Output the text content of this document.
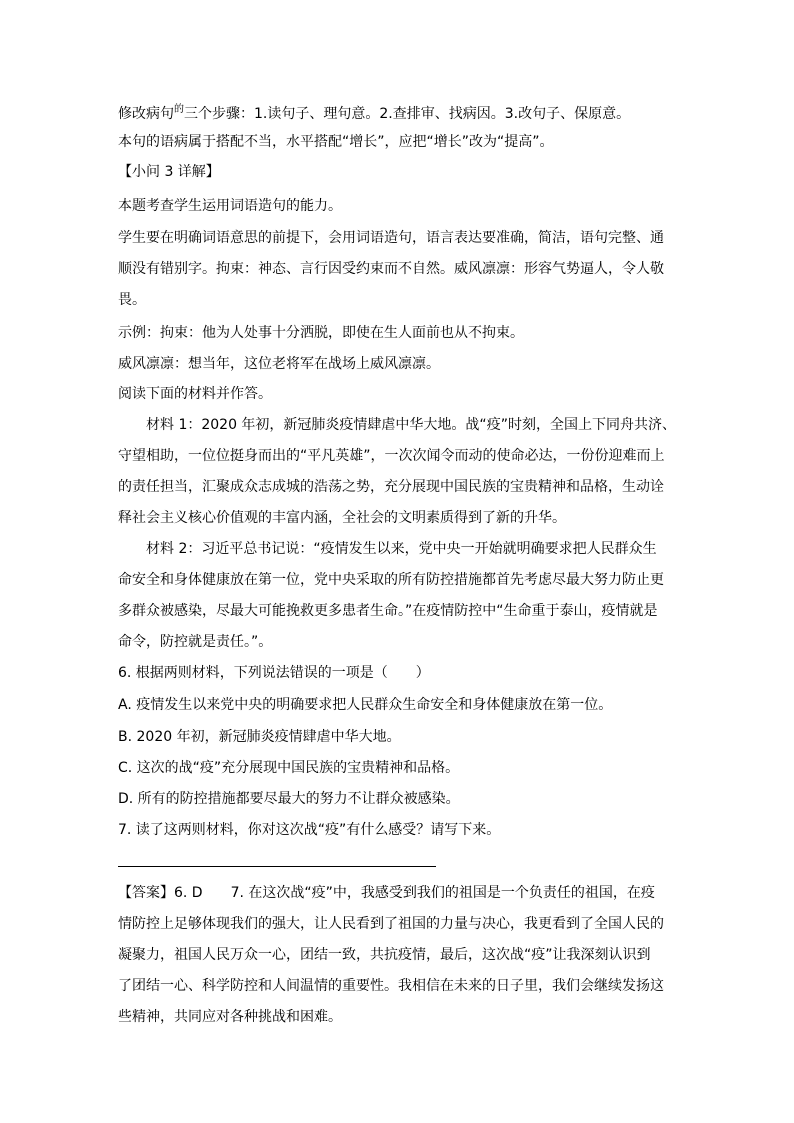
修改病句$^的$三个步骤：1.读句子、理句意。2.查排审、找病因。3.改句子、保原意。
本句的语病属于搭配不当，水平搭配“增长”，应把“增长”改为“提高”。
【小问 3 详解】
本题考查学生运用词语造句的能力。
学生要在明确词语意思的前提下，会用词语造句，语言表达要准确，简洁，语句完整、通
顺没有错别字。拘束：神态、言行因受约束而不自然。威风凛凛：形容气势逼人，令人敬
畏。
示例：拘束：他为人处事十分洒脱，即使在生人面前也从不拘束。
威风凛凛：想当年，这位老将军在战场上威风凛凛。
阅读下面的材料并作答。
材料 1：2020 年初，新冠肺炎疫情肆虐中华大地。战“疫”时刻，全国上下同舟共济、
守望相助，一位位挺身而出的“平凡英雄”，一次次闻令而动的使命必达，一份份迎难而上
的责任担当，汇聚成众志成城的浩荡之势，充分展现中国民族的宝贵精神和品格，生动诠
释社会主义核心价值观的丰富内涵，全社会的文明素质得到了新的升华。
材料 2：习近平总书记说：“疫情发生以来，党中央一开始就明确要求把人民群众生
命安全和身体健康放在第一位，党中央采取的所有防控措施都首先考虑尽最大努力防止更
多群众被感染，尽最大可能挽救更多患者生命。”在疫情防控中“生命重于泰山，疫情就是
命令，防控就是责任。”。
6. 根据两则材料，下列说法错误的一项是（　　）
A. 疫情发生以来党中央的明确要求把人民群众生命安全和身体健康放在第一位。
B. 2020 年初，新冠肺炎疫情肆虐中华大地。
C. 这次的战“疫”充分展现中国民族的宝贵精神和品格。
D. 所有的防控措施都要尽最大的努力不让群众被感染。
7. 读了这两则材料，你对这次战“疫”有什么感受？请写下来。
【答案】6. D　　7. 在这次战“疫”中，我感受到我们的祖国是一个负责任的祖国，在疫
情防控上足够体现我们的强大，让人民看到了祖国的力量与决心，我更看到了全国人民的
凝聚力，祖国人民万众一心，团结一致，共抗疫情，最后，这次战“疫”让我深刻认识到
了团结一心、科学防控和人间温情的重要性。我相信在未来的日子里，我们会继续发扬这
些精神，共同应对各种挑战和困难。
